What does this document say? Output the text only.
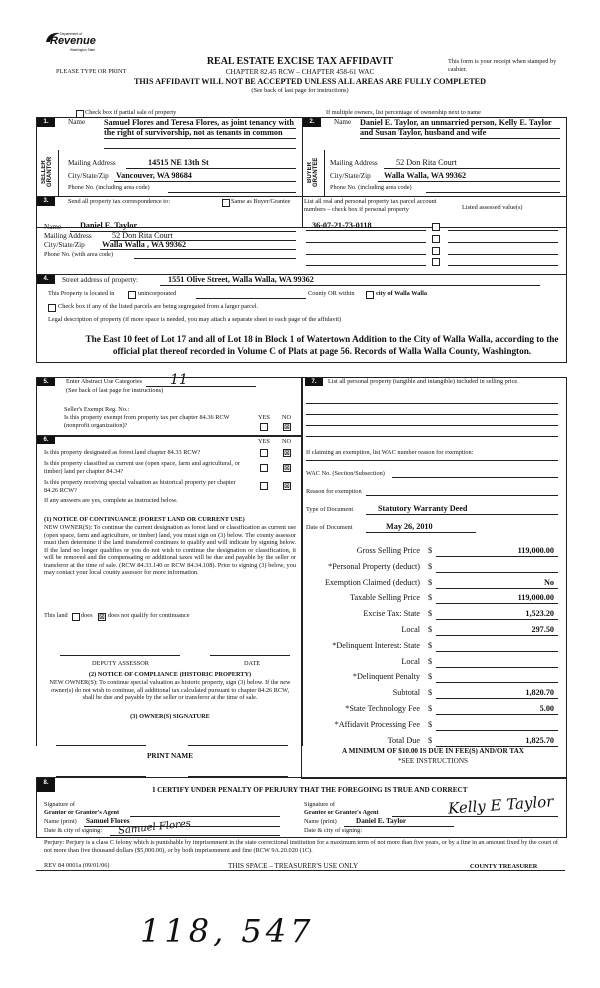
Department of
Revenue
Washington State
PLEASE TYPE OR PRINT
REAL ESTATE EXCISE TAX AFFIDAVIT
CHAPTER 82.45 RCW – CHAPTER 458-61 WAC
THIS AFFIDAVIT WILL NOT BE ACCEPTED UNLESS ALL AREAS ARE FULLY COMPLETED
(See back of last page for instructions)
This form is your receipt when stamped by cashier.
Check box if partial sale of property	If multiple owners, list percentage of ownership next to name
1.
SELLER GRANTOR
Name Samuel Flores and Teresa Flores, as joint tenancy with the right of survivorship, not as tenants in common
Mailing Address	14515 NE 13th St
City/State/Zip Vancouver, WA 98684
Phone No. (including area code)
2.
BUYER GRANTEE
Name Daniel E. Taylor, an unmarried person, Kelly E. Taylor and Susan Taylor, husband and wife
Mailing Address 52 Don Rita Court
City/State/Zip Walla Walla, WA 99362
Phone No. (including area code)
3.	Send all property tax correspondence to:	Same as Buyer/Grantee List all real and personal property tax parcel account numbers – check box if personal property	Listed assessed value(s)
Name Daniel E. Taylor
Mailing Address 52 Don Rita Court
City/State/Zip Walla Walla , WA 99362
Phone No. (with area code)
36-07-21-73-0118
4.	Street address of property:	1551 Olive Street, Walla Walla, WA 99362
This Property is located in	unincorporated	County OR within	city of Walla Walla
Check box if any of the listed parcels are being segregated from a larger parcel.
Legal description of property (if more space is needed, you may attach a separate sheet to each page of the affidavit)
The East 10 feet of Lot 17 and all of Lot 18 in Block 1 of Watertown Addition to the City of Walla Walla, according to the official plat thereof recorded in Volume C of Plats at page 56. Records of Walla Walla County, Washington.
5.	Enter Abstract Use Categories
(See back of last page for instructions)
11
Seller's Exempt Reg. No.:
Is this property exempt from property tax per chapter 84.36 RCW (nonprofit organization)?
YES NO
⊠
6.	YES NO
Is this property designated as forest land chapter 84.33 RCW?	⊠
Is this property classified as current use (open space, farm and agricultural, or timber) land per chapter 84.34?	⊠
Is this property receiving special valuation as historical property per chapter 84.26 RCW?
⊠
If any answers are yes, complete as instructed below.
(1) NOTICE OF CONTINUANCE (FOREST LAND OR CURRENT USE)
NEW OWNER(S): To continue the current designation as forest land or classification as current use (open space, farm and agriculture, or timber) land, you must sign on (3) below. The county assessor must then determine if the land transferred continues to qualify and will indicate by signing below. If the land no longer qualifies or you do not wish to continue the designation or classification, it will be removed and the compensating or additional taxes will be due and payable by the seller or transferor at the time of sale. (RCW 84.33.140 or RCW 84.34.108). Prior to signing (3) below, you may contact your local county assessor for more information.
This land does ⊠ does not qualify for continuance
DEPUTY ASSESSOR	DATE
(2) NOTICE OF COMPLIANCE (HISTORIC PROPERTY)
NEW OWNER(S): To continue special valuation as historic property, sign (3) below. If the new owner(s) do not wish to continue, all additional tax calculated pursuant to chapter 84.26 RCW, shall be due and payable by the seller or transferor at the time of sale.
(3) OWNER(S) SIGNATURE
PRINT NAME
7.	List all personal property (tangible and intangible) included in selling price.
If claiming an exemption, list WAC number reason for exemption:
WAC No. (Section/Subsection)
Reason for exemption
Type of Document	Statutory Warranty Deed
Date of Document	May 26, 2010
Gross Selling Price $	119,000.00
*Personal Property (deduct) $
Exemption Claimed (deduct) $	No
Taxable Selling Price $	119,000.00
Excise Tax: State $	1,523.20
Local $	297.50
*Delinquent Interest: State $
Local $
*Delinquent Penalty $
Subtotal $	1,820.70
*State Technology Fee $	5.00
*Affidavit Processing Fee $
Total Due $	1,825.70
A MINIMUM OF $10.00 IS DUE IN FEE(S) AND/OR TAX
*SEE INSTRUCTIONS
8.
I CERTIFY UNDER PENALTY OF PERJURY THAT THE FOREGOING IS TRUE AND CORRECT
Signature of
Grantor or Grantor's Agent
Name (print) Samuel Flores
Date & city of signing: Samuel Flores
Signature of
Grantee or Grantee's Agent	Kelly E Taylor
Name (print)	Daniel E. Taylor
Date & city of signing:
Perjury: Perjury is a class C felony which is punishable by imprisonment in the state correctional institution for a maximum term of not more than five years, or by a fine in an amount fixed by the court of not more than five thousand dollars ($5,000.00), or by both imprisonment and fine (RCW 9A.20.020 (1C).
REV 84 0001a (09/01/06)	THIS SPACE – TREASURER'S USE ONLY	COUNTY TREASURER
118, 547
